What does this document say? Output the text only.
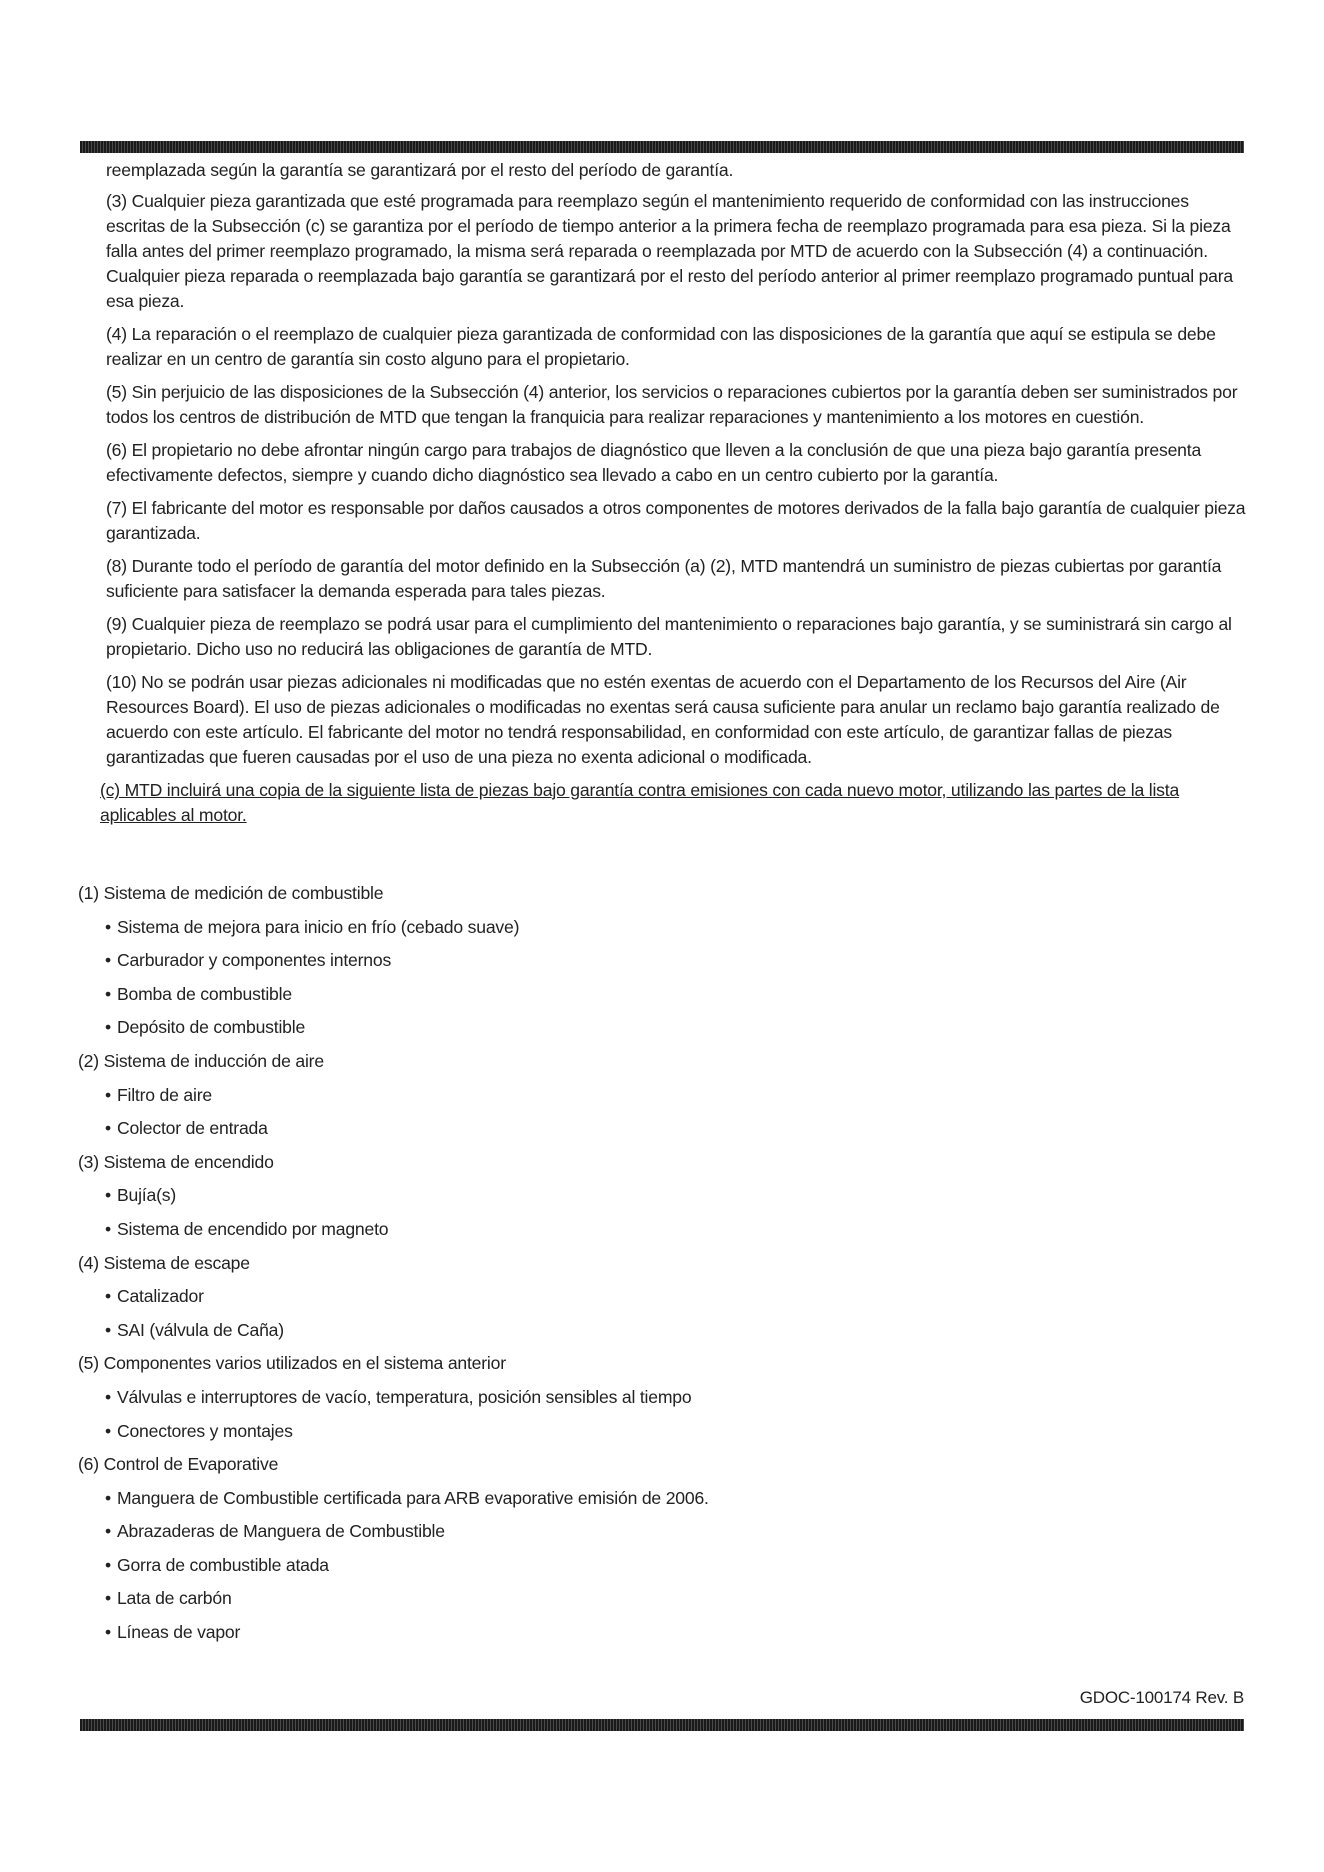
reemplazada según la garantía se garantizará por el resto del período de garantía.

(3) Cualquier pieza garantizada que esté programada para reemplazo según el mantenimiento requerido de conformidad con las instrucciones escritas de la Subsección (c) se garantiza por el período de tiempo anterior a la primera fecha de reemplazo programada para esa pieza. Si la pieza falla antes del primer reemplazo programado, la misma será reparada o reemplazada por MTD de acuerdo con la Subsección (4) a continuación. Cualquier pieza reparada o reemplazada bajo garantía se garantizará por el resto del período anterior al primer reemplazo programado puntual para esa pieza.

(4) La reparación o el reemplazo de cualquier pieza garantizada de conformidad con las disposiciones de la garantía que aquí se estipula se debe realizar en un centro de garantía sin costo alguno para el propietario.

(5) Sin perjuicio de las disposiciones de la Subsección (4) anterior, los servicios o reparaciones cubiertos por la garantía deben ser suministrados por todos los centros de distribución de MTD que tengan la franquicia para realizar reparaciones y mantenimiento a los motores en cuestión.

(6) El propietario no debe afrontar ningún cargo para trabajos de diagnóstico que lleven a la conclusión de que una pieza bajo garantía presenta efectivamente defectos, siempre y cuando dicho diagnóstico sea llevado a cabo en un centro cubierto por la garantía.

(7) El fabricante del motor es responsable por daños causados a otros componentes de motores derivados de la falla bajo garantía de cualquier pieza garantizada.

(8) Durante todo el período de garantía del motor definido en la Subsección (a) (2), MTD mantendrá un suministro de piezas cubiertas por garantía suficiente para satisfacer la demanda esperada para tales piezas.

(9) Cualquier pieza de reemplazo se podrá usar para el cumplimiento del mantenimiento o reparaciones bajo garantía, y se suministrará sin cargo al propietario. Dicho uso no reducirá las obligaciones de garantía de MTD.

(10) No se podrán usar piezas adicionales ni modificadas que no estén exentas de acuerdo con el Departamento de los Recursos del Aire (Air Resources Board). El uso de piezas adicionales o modificadas no exentas será causa suficiente para anular un reclamo bajo garantía realizado de acuerdo con este artículo. El fabricante del motor no tendrá responsabilidad, en conformidad con este artículo, de garantizar fallas de piezas garantizadas que fueren causadas por el uso de una pieza no exenta adicional o modificada.

(c) MTD incluirá una copia de la siguiente lista de piezas bajo garantía contra emisiones con cada nuevo motor, utilizando las partes de la lista aplicables al motor.

(1) Sistema de medición de combustible
• Sistema de mejora para inicio en frío (cebado suave)
• Carburador y componentes internos
• Bomba de combustible
• Depósito de combustible
(2) Sistema de inducción de aire
• Filtro de aire
• Colector de entrada
(3) Sistema de encendido
• Bujía(s)
• Sistema de encendido por magneto
(4) Sistema de escape
• Catalizador
• SAI (válvula de Caña)
(5) Componentes varios utilizados en el sistema anterior
• Válvulas e interruptores de vacío, temperatura, posición sensibles al tiempo
• Conectores y montajes
(6) Control de Evaporative
• Manguera de Combustible certificada para ARB evaporative emisión de 2006.
• Abrazaderas de Manguera de Combustible
• Gorra de combustible atada
• Lata de carbón
• Líneas de vapor
GDOC-100174 Rev. B
